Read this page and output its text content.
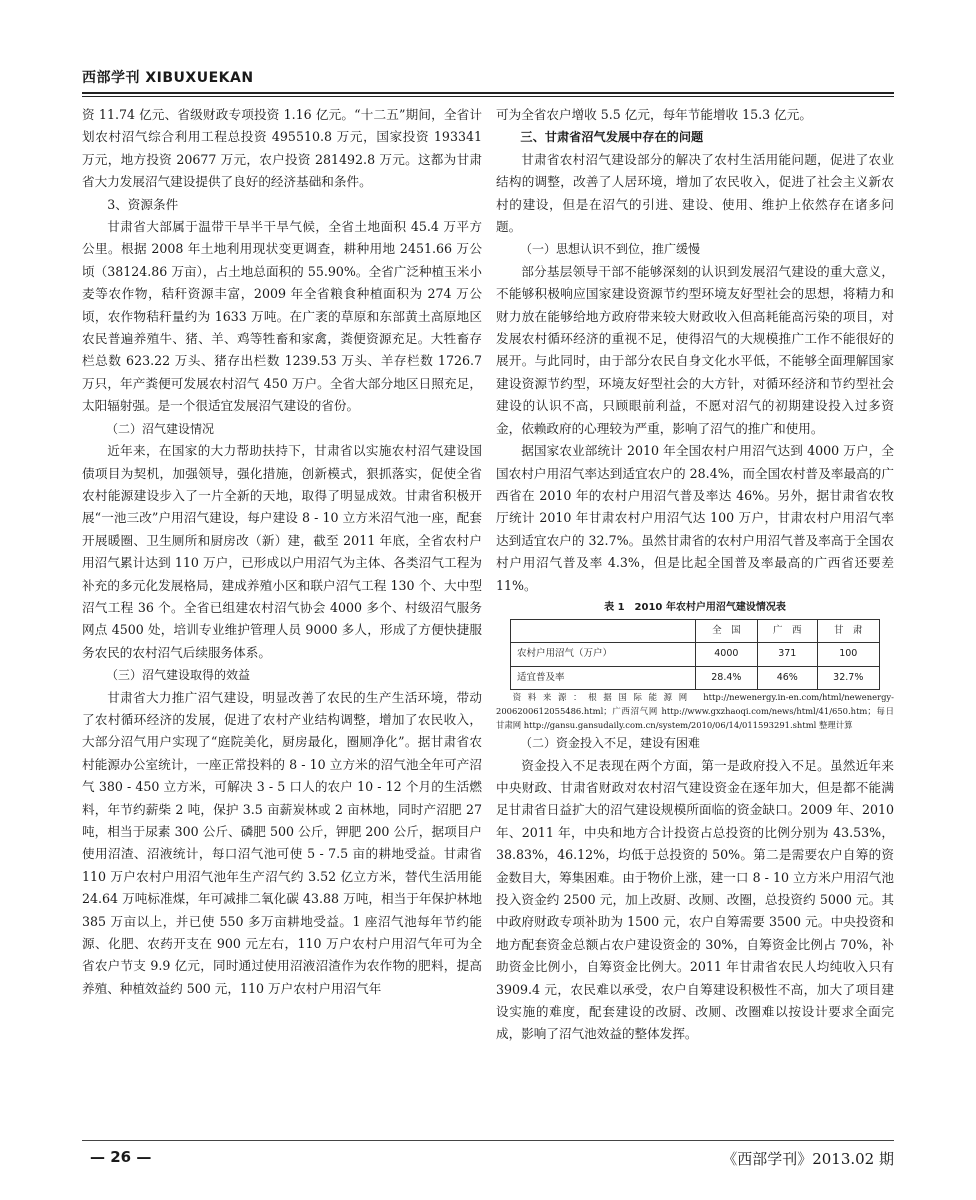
西部学刊 XIBUXUEKAN

资 11.74 亿元、省级财政专项投资 1.16 亿元。“十二五”期间，全省计划农村沼气综合利用工程总投资 495510.8 万元，国家投资 193341 万元，地方投资 20677 万元，农户投资 281492.8 万元。这都为甘肃省大力发展沼气建设提供了良好的经济基础和条件。

3、资源条件

甘肃省大部属于温带干旱半干旱气候，全省土地面积 45.4 万平方公里。根据 2008 年土地利用现状变更调查，耕种用地 2451.66 万公顷（38124.86 万亩），占土地总面积的 55.90%。全省广泛种植玉米小麦等农作物，秸秆资源丰富，2009 年全省粮食种植面积为 274 万公顷，农作物秸秆量约为 1633 万吨。在广袤的草原和东部黄土高原地区农民普遍养殖牛、猪、羊、鸡等牲畜和家禽，粪便资源充足。大牲畜存栏总数 623.22 万头、猪存出栏数 1239.53 万头、羊存栏数 1726.7 万只，年产粪便可发展农村沼气 450 万户。全省大部分地区日照充足，太阳辐射强。是一个很适宜发展沼气建设的省份。

（二）沼气建设情况

近年来，在国家的大力帮助扶持下，甘肃省以实施农村沼气建设国债项目为契机，加强领导，强化措施，创新模式，狠抓落实，促使全省农村能源建设步入了一片全新的天地，取得了明显成效。甘肃省积极开展“一池三改”户用沼气建设，每户建设 8 - 10 立方米沼气池一座，配套开展暖圈、卫生厕所和厨房改（新）建，截至 2011 年底，全省农村户用沼气累计达到 110 万户，已形成以户用沼气为主体、各类沼气工程为补充的多元化发展格局，建成养殖小区和联户沼气工程 130 个、大中型沼气工程 36 个。全省已组建农村沼气协会 4000 多个、村级沼气服务网点 4500 处，培训专业维护管理人员 9000 多人，形成了方便快捷服务农民的农村沼气后续服务体系。

（三）沼气建设取得的效益

甘肃省大力推广沼气建设，明显改善了农民的生产生活环境，带动了农村循环经济的发展，促进了农村产业结构调整，增加了农民收入，大部分沼气用户实现了“庭院美化，厨房最化，圈厕净化”。据甘肃省农村能源办公室统计，一座正常投料的 8 - 10 立方米的沼气池全年可产沼气 380 - 450 立方米，可解决 3 - 5 口人的农户 10 - 12 个月的生活燃料，年节约薪柴 2 吨，保护 3.5 亩薪炭林或 2 亩林地，同时产沼肥 27 吨，相当于尿素 300 公斤、磷肥 500 公斤，钾肥 200 公斤，据项目户使用沼渣、沼液统计，每口沼气池可使 5 - 7.5 亩的耕地受益。甘肃省 110 万户农村户用沼气池年生产沼气约 3.52 亿立方米，替代生活用能 24.64 万吨标准煤，年可减排二氧化碳 43.88 万吨，相当于年保护林地 385 万亩以上，并已使 550 多万亩耕地受益。1 座沼气池每年节约能源、化肥、农药开支在 900 元左右，110 万户农村户用沼气年可为全省农户节支 9.9 亿元，同时通过使用沼液沼渣作为农作物的肥料，提高养殖、种植效益约 500 元，110 万户农村户用沼气年

可为全省农户增收 5.5 亿元，每年节能增收 15.3 亿元。

三、甘肃省沼气发展中存在的问题

甘肃省农村沼气建设部分的解决了农村生活用能问题，促进了农业结构的调整，改善了人居环境，增加了农民收入，促进了社会主义新农村的建设，但是在沼气的引进、建设、使用、维护上依然存在诸多问题。

（一）思想认识不到位，推广缓慢

部分基层领导干部不能够深刻的认识到发展沼气建设的重大意义，不能够积极响应国家建设资源节约型环境友好型社会的思想，将精力和财力放在能够给地方政府带来较大财政收入但高耗能高污染的项目，对发展农村循环经济的重视不足，使得沼气的大规模推广工作不能很好的展开。与此同时，由于部分农民自身文化水平低，不能够全面理解国家建设资源节约型，环境友好型社会的大方针，对循环经济和节约型社会建设的认识不高，只顾眼前利益，不愿对沼气的初期建设投入过多资金，依赖政府的心理较为严重，影响了沼气的推广和使用。

据国家农业部统计 2010 年全国农村户用沼气达到 4000 万户，全国农村户用沼气率达到适宜农户的 28.4%，而全国农村普及率最高的广西省在 2010 年的农村户用沼气普及率达 46%。另外，据甘肃省农牧厅统计 2010 年甘肃农村户用沼气达 100 万户，甘肃农村户用沼气率达到适宜农户的 32.7%。虽然甘肃省的农村户用沼气普及率高于全国农村户用沼气普及率 4.3%，但是比起全国普及率最高的广西省还要差 11%。

表 1　2010 年农村户用沼气建设情况表
	全　国	广　西	甘　肃
农村户用沼气（万户）	4000	371	100
适宜普及率	28.4%	46%	32.7%

资料来源：根据国际能源网 http://newenergy.in-en.com/html/newenergy-2006200612055486.html；广西沼气网 http://www.gxzhaoqi.com/news/html/41/650.htm；每日甘肃网 http://gansu.gansudaily.com.cn/system/2010/06/14/011593291.shtml 整理计算

（二）资金投入不足，建设有困难

资金投入不足表现在两个方面，第一是政府投入不足。虽然近年来中央财政、甘肃省财政对农村沼气建设资金在逐年加大，但是都不能满足甘肃省日益扩大的沼气建设规模所面临的资金缺口。2009 年、2010 年、2011 年，中央和地方合计投资占总投资的比例分别为 43.53%，38.83%，46.12%，均低于总投资的 50%。第二是需要农户自筹的资金数目大，筹集困难。由于物价上涨，建一口 8 - 10 立方米户用沼气池投入资金约 2500 元，加上改厨、改厕、改圈，总投资约 5000 元。其中政府财政专项补助为 1500 元，农户自筹需要 3500 元。中央投资和地方配套资金总额占农户建设资金的 30%，自筹资金比例占 70%，补助资金比例小，自筹资金比例大。2011 年甘肃省农民人均纯收入只有 3909.4 元，农民难以承受，农户自筹建设积极性不高，加大了项目建设实施的难度，配套建设的改厨、改厕、改圈难以按设计要求全面完成，影响了沼气池效益的整体发挥。

— 26 —	《西部学刊》2013.02 期
